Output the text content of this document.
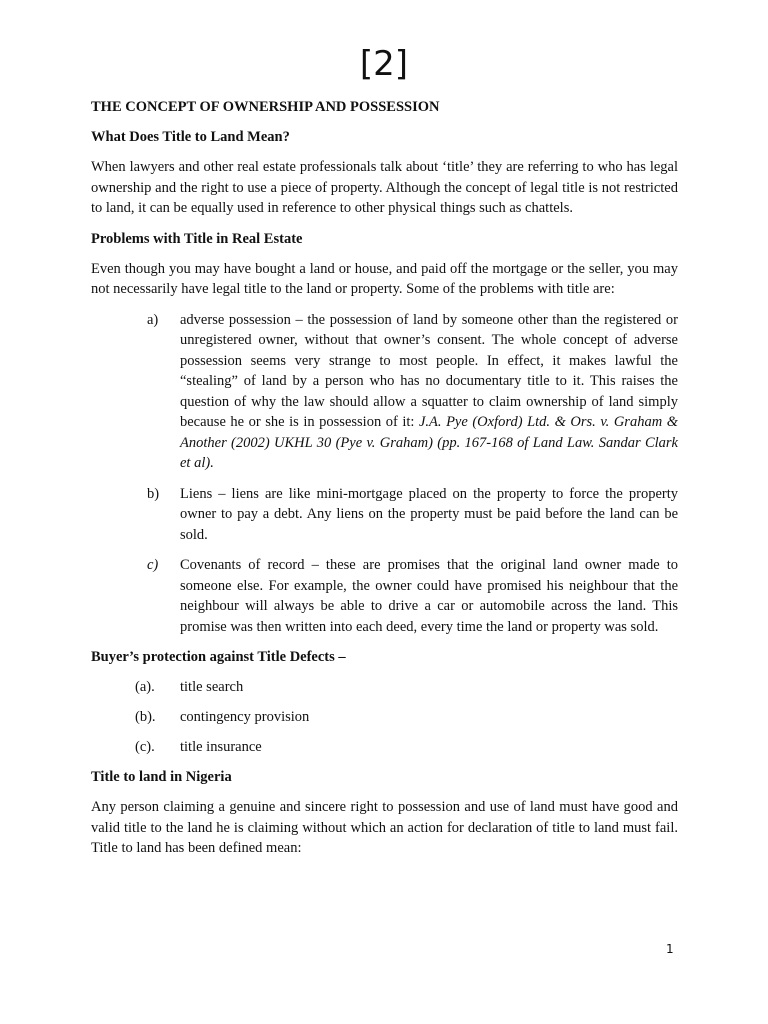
[2]
THE CONCEPT OF OWNERSHIP AND POSSESSION
What Does Title to Land Mean?

When lawyers and other real estate professionals talk about ‘title’ they are referring to who has legal ownership and the right to use a piece of property. Although the concept of legal title is not restricted to land, it can be equally used in reference to other physical things such as chattels.

Problems with Title in Real Estate

Even though you may have bought a land or house, and paid off the mortgage or the seller, you may not necessarily have legal title to the land or property. Some of the problems with title are:

a) adverse possession – the possession of land by someone other than the registered or unregistered owner, without that owner’s consent. The whole concept of adverse possession seems very strange to most people. In effect, it makes lawful the “stealing” of land by a person who has no documentary title to it. This raises the question of why the law should allow a squatter to claim ownership of land simply because he or she is in possession of it: J.A. Pye (Oxford) Ltd. & Ors. v. Graham & Another (2002) UKHL 30 (Pye v. Graham) (pp. 167-168 of Land Law. Sandar Clark et al).
b) Liens – liens are like mini-mortgage placed on the property to force the property owner to pay a debt. Any liens on the property must be paid before the land can be sold.
c) Covenants of record – these are promises that the original land owner made to someone else. For example, the owner could have promised his neighbour that the neighbour will always be able to drive a car or automobile across the land. This promise was then written into each deed, every time the land or property was sold.
Buyer’s protection against Title Defects –
(a). title search
(b). contingency provision
(c). title insurance
Title to land in Nigeria

Any person claiming a genuine and sincere right to possession and use of land must have good and valid title to the land he is claiming without which an action for declaration of title to land must fail. Title to land has been defined mean:

1
